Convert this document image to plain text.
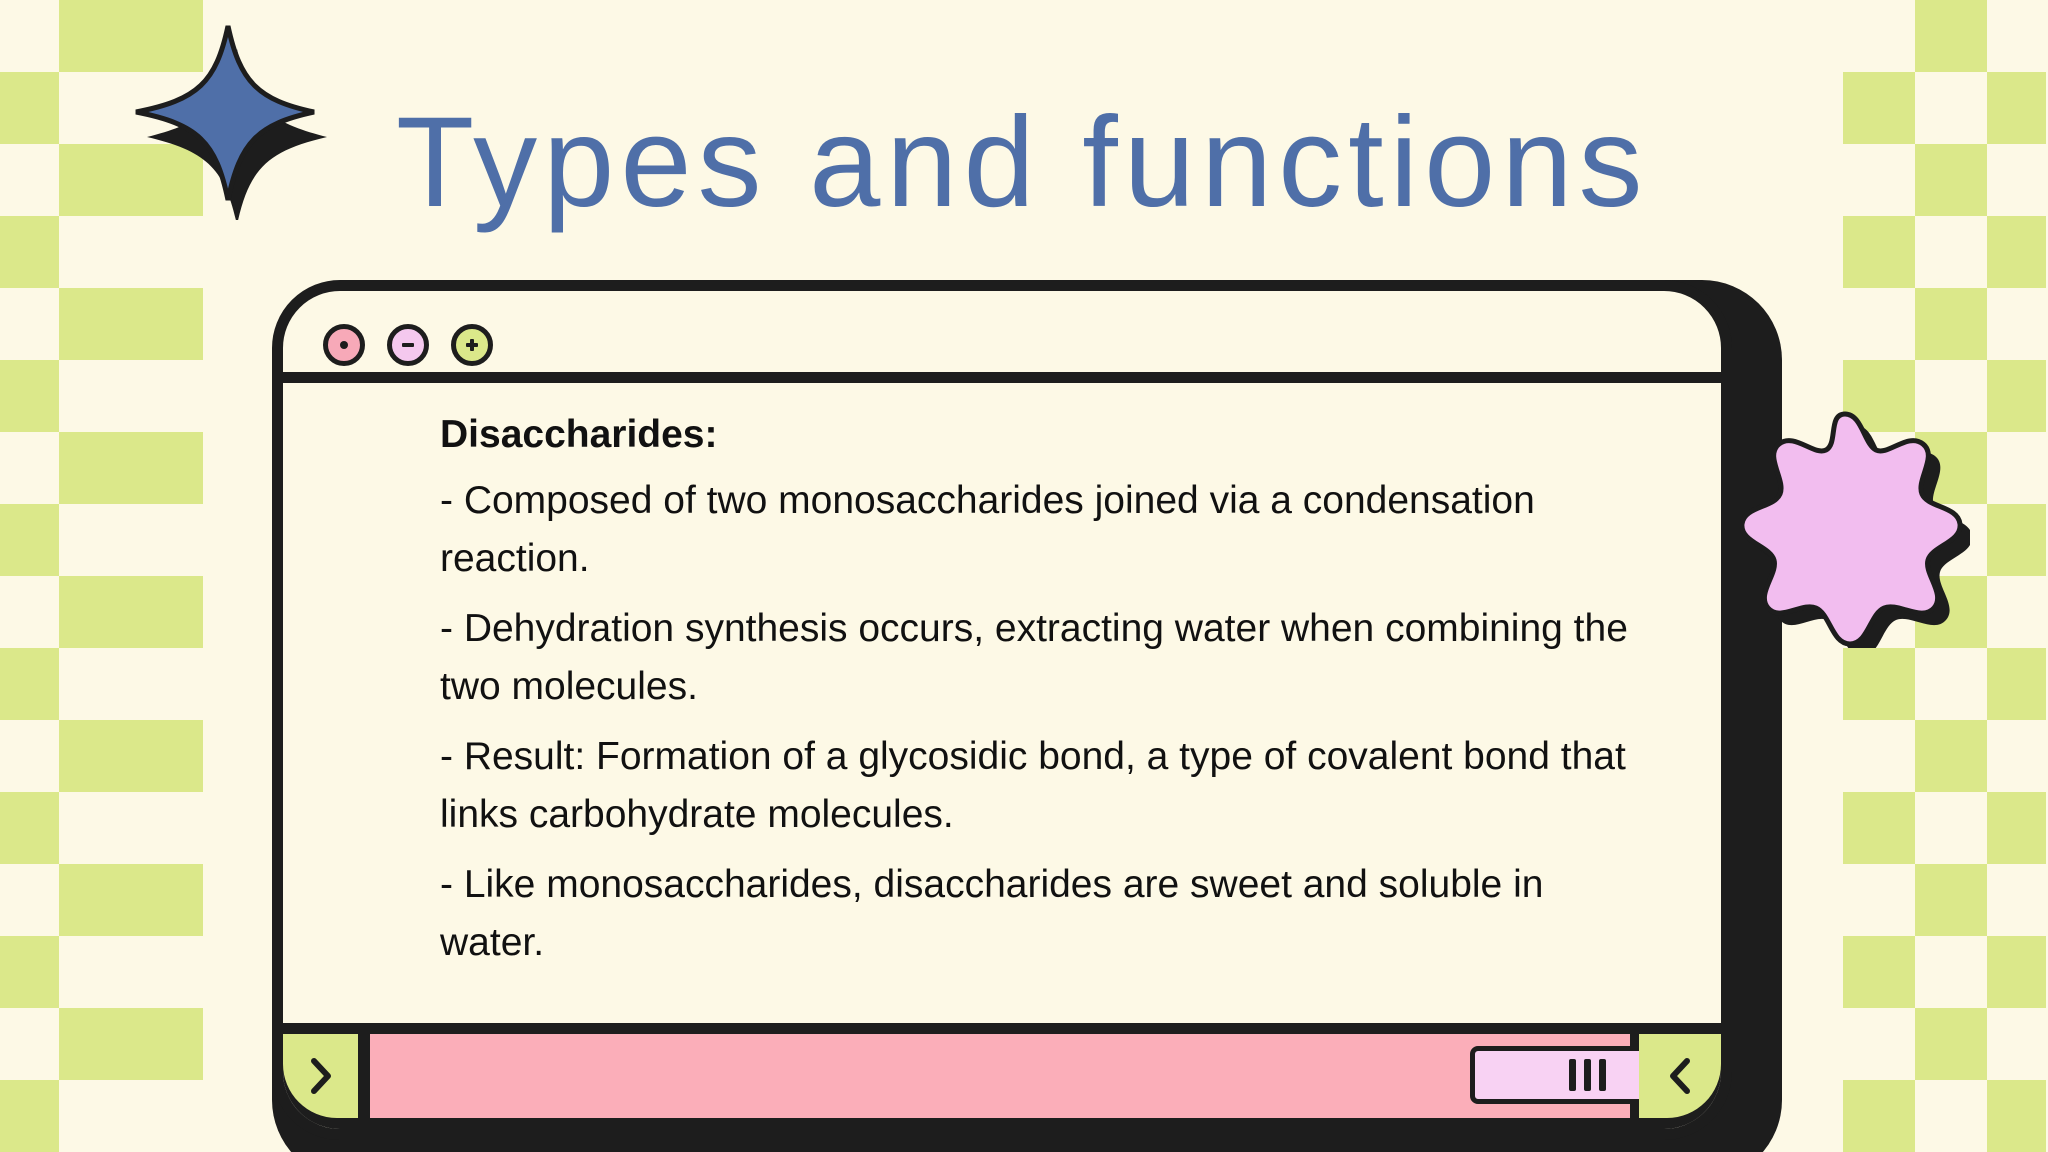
Types and functions
Disaccharides:

- Composed of two monosaccharides joined via a condensation reaction.

- Dehydration synthesis occurs, extracting water when combining the two molecules.

- Result: Formation of a glycosidic bond, a type of covalent bond that links carbohydrate molecules.

- Like monosaccharides, disaccharides are sweet and soluble in water.
